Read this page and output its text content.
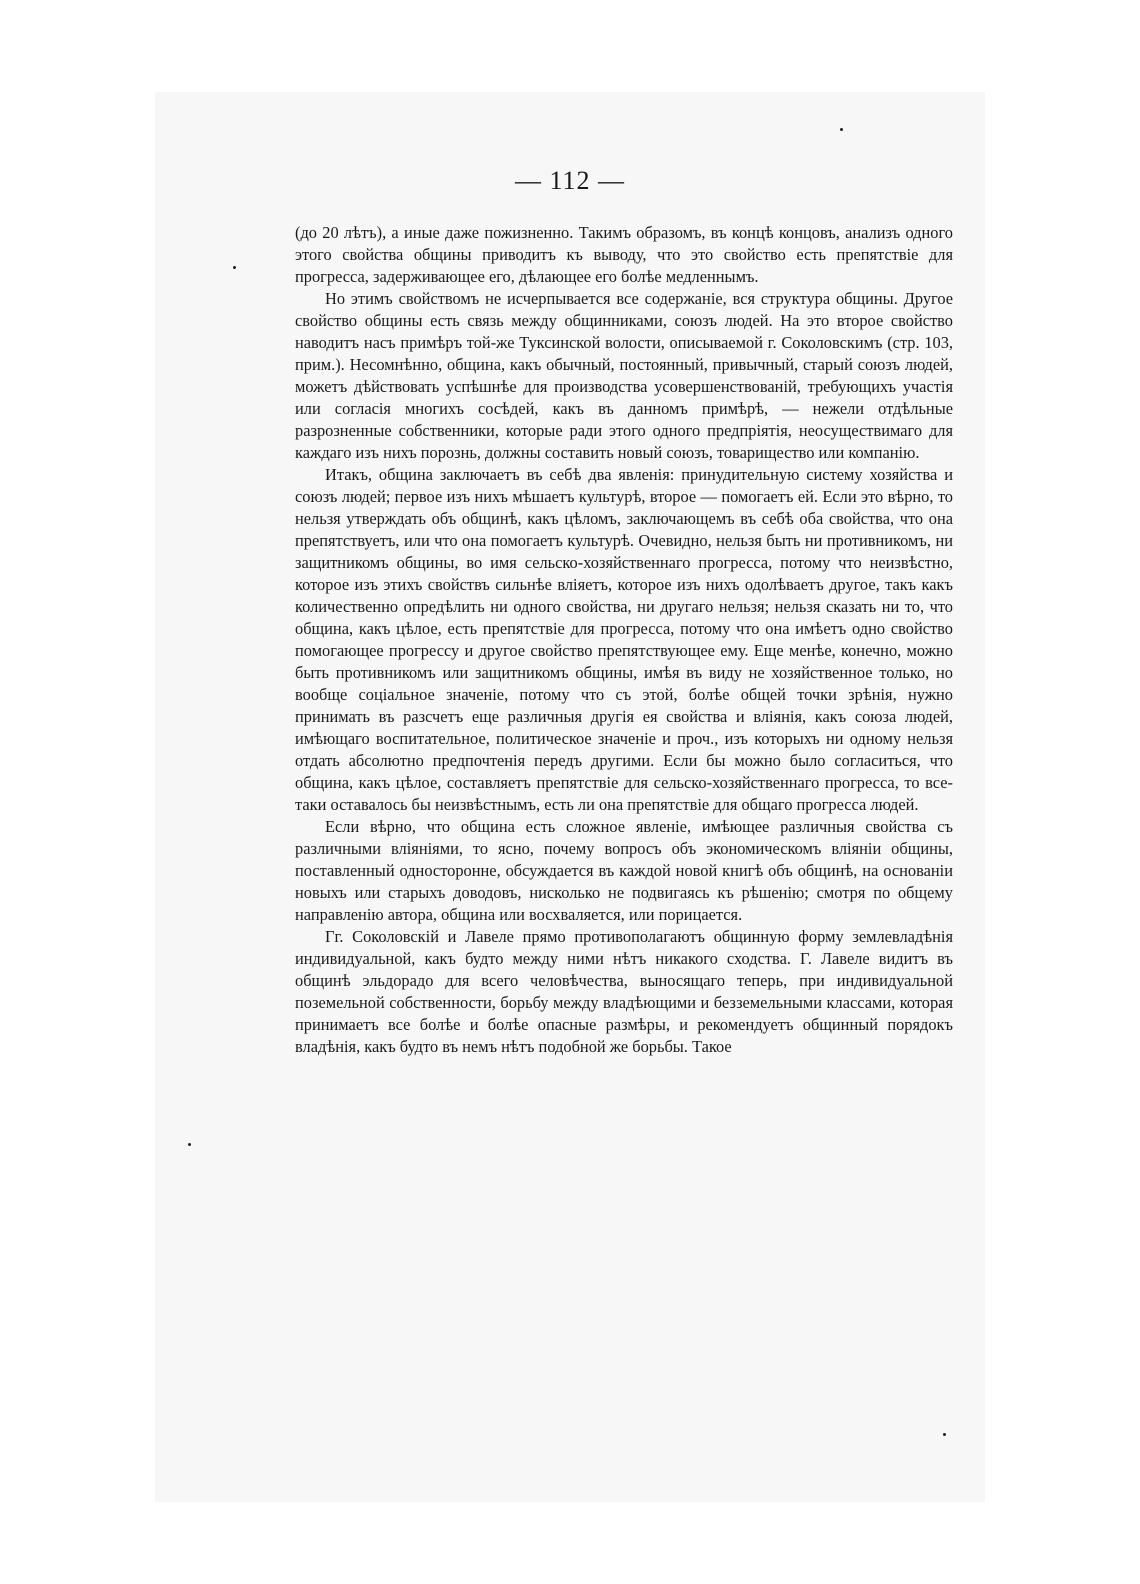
— 112 —

(до 20 лѣтъ), а иные даже пожизненно. Такимъ образомъ, въ концѣ концовъ, анализъ одного этого свойства общины приводитъ къ выводу, что это свойство есть препятствіе для прогресса, задерживающее его, дѣлающее его болѣе медленнымъ.

Но этимъ свойствомъ не исчерпывается все содержаніе, вся структура общины. Другое свойство общины есть связь между общинниками, союзъ людей. На это второе свойство наводитъ насъ примѣръ той-же Туксинской волости, описываемой г. Соколовскимъ (стр. 103, прим.). Несомнѣнно, община, какъ обычный, постоянный, привычный, старый союзъ людей, можетъ дѣйствовать успѣшнѣе для производства усовершенствованій, требующихъ участія или согласія многихъ сосѣдей, какъ въ данномъ примѣрѣ, — нежели отдѣльные разрозненные собственники, которые ради этого одного предпріятія, неосуществимаго для каждаго изъ нихъ порознь, должны составить новый союзъ, товарищество или компанію.

Итакъ, община заключаетъ въ себѣ два явленія: принудительную систему хозяйства и союзъ людей; первое изъ нихъ мѣшаетъ культурѣ, второе — помогаетъ ей. Если это вѣрно, то нельзя утверждать объ общинѣ, какъ цѣломъ, заключающемъ въ себѣ оба свойства, что она препятствуетъ, или что она помогаетъ культурѣ. Очевидно, нельзя быть ни противникомъ, ни защитникомъ общины, во имя сельско-хозяйственнаго прогресса, потому что неизвѣстно, которое изъ этихъ свойствъ сильнѣе вліяетъ, которое изъ нихъ одолѣваетъ другое, такъ какъ количественно опредѣлить ни одного свойства, ни другаго нельзя; нельзя сказать ни то, что община, какъ цѣлое, есть препятствіе для прогресса, потому что она имѣетъ одно свойство помогающее прогрессу и другое свойство препятствующее ему. Еще менѣе, конечно, можно быть противникомъ или защитникомъ общины, имѣя въ виду не хозяйственное только, но вообще соціальное значеніе, потому что съ этой, болѣе общей точки зрѣнія, нужно принимать въ разсчетъ еще различныя другія ея свойства и вліянія, какъ союза людей, имѣющаго воспитательное, политическое значеніе и проч., изъ которыхъ ни одному нельзя отдать абсолютно предпочтенія передъ другими. Если бы можно было согласиться, что община, какъ цѣлое, составляетъ препятствіе для сельско-хозяйственнаго прогресса, то все-таки оставалось бы неизвѣстнымъ, есть ли она препятствіе для общаго прогресса людей.

Если вѣрно, что община есть сложное явленіе, имѣющее различныя свойства съ различными вліяніями, то ясно, почему вопросъ объ экономическомъ вліяніи общины, поставленный односторонне, обсуждается въ каждой новой книгѣ объ общинѣ, на основаніи новыхъ или старыхъ доводовъ, нисколько не подвигаясь къ рѣшенію; смотря по общему направленію автора, община или восхваляется, или порицается.

Гг. Соколовскій и Лавеле прямо противополагаютъ общинную форму землевладѣнія индивидуальной, какъ будто между ними нѣтъ никакого сходства. Г. Лавеле видитъ въ общинѣ эльдорадо для всего человѣчества, выносящаго теперь, при индивидуальной поземельной собственности, борьбу между владѣющими и безземельными классами, которая принимаетъ все болѣе и болѣе опасные размѣры, и рекомендуетъ общинный порядокъ владѣнія, какъ будто въ немъ нѣтъ подобной же борьбы. Такое
